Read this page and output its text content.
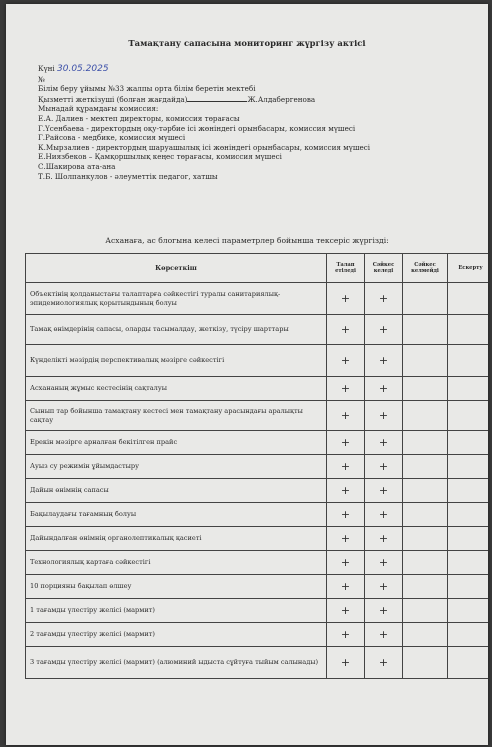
Тамақтану сапасына мониторинг жүргізу актісі
Күні 30.05.2025
№
Білім беру ұйымы №33 жалпы орта білім беретін мектебі
Қызметті жеткізуші (болған жағдайда)	Ж.Алдабергенова
Мынадай құрамдағы комиссия:
Е.А. Далиев - мектеп директоры, комиссия төрағасы
Г.Үсенбаева - директордың оқу-тәрбие ісі жөніндегі орынбасары, комиссия мүшесі
Г.Райсова - медбике, комиссия мүшесі
К.Мырзалиев - директордың шаруашылық ісі жөніндегі орынбасары, комиссия мүшесі
Е.Ниязбеков – Қамқоршылық кеңес төрағасы, комиссия мүшесі
С.Шакирова ата-ана
Т.Б. Шолпанкулов - әлеуметтік педагог, хатшы
Асханаға, ас блогына келесі параметрлер бойынша тексеріс жүргізді:
Көрсеткіш	Талап етіледі	Сәйкес келеді	Сәйкес келмейді	Ескерту
Объектінің қолданыстағы талаптарға сәйкестігі туралы санитариялық-эпидемиологиялық қорытындының болуы	+	+		
Тамақ өнімдерінің сапасы, оларды тасымалдау, жеткізу, түсіру шарттары	+	+		
Күнделікті мәзірдің перспективалық мәзірге сәйкестігі	+	+		
Асхананың жұмыс кестесінің сақталуы	+	+		
Сынып тар бойынша тамақтану кестесі мен тамақтану арасындағы аралықты сақтау	+	+		
Ерекін мәзірге арналған бекітілген прайс	+	+		
Ауыз су режимін ұйымдастыру	+	+		
Дайын өнімнің сапасы	+	+		
Бақылаудағы тағамның болуы	+	+		
Дайындалған өнімнің органолептикалық қасиеті	+	+		
Технологиялық картаға сәйкестігі	+	+		
10 порцияны бақылап өлшеу	+	+		
1 тағамды үлестіру желісі (мармит)	+	+		
2 тағамды үлестіру желісі (мармит)	+	+		
3 тағамды үлестіру желісі (мармит) (алюминий ыдыста сұйтуға тыйым салынады)	+	+		
